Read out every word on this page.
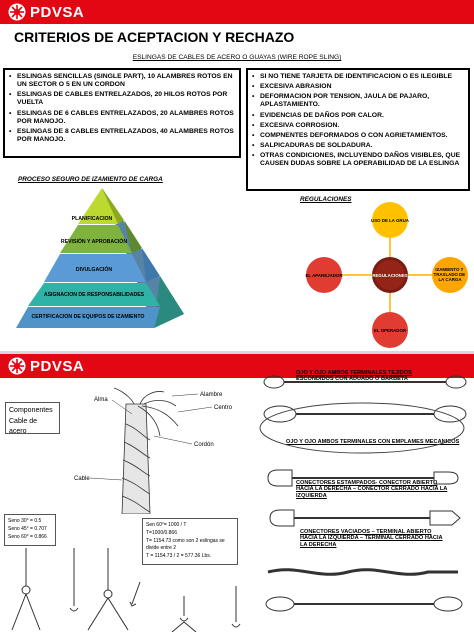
PDVSA
CRITERIOS DE ACEPTACION Y RECHAZO
ESLINGAS DE CABLES DE ACERO O GUAYAS (WIRE ROPE SLING)
• ESLINGAS SENCILLAS (SINGLE PART), 10 ALAMBRES ROTOS EN UN SECTOR O 5 EN UN CORDON
• ESLINGAS DE CABLES ENTRELAZADOS, 20 HILOS ROTOS POR VUELTA
• ESLINGAS DE 6 CABLES ENTRELAZADOS, 20 ALAMBRES ROTOS POR MANOJO.
• ESLINGAS DE 8 CABLES ENTRELAZADOS, 40 ALAMBRES ROTOS POR MANOJO.
• SI NO TIENE TARJETA DE IDENTIFICACION O ES ILEGIBLE
• EXCESIVA ABRASION
• DEFORMACION POR TENSION, JAULA DE PAJARO, APLASTAMIENTO.
• EVIDENCIAS DE DAÑOS POR CALOR.
• EXCESIVA CORROSION.
• COMPNENTES DEFORMADOS O CON AGRIETAMIENTOS.
• SALPICADURAS DE SOLDADURA.
• OTRAS CONDICIONES, INCLUYENDO DAÑOS VISIBLES, QUE CAUSEN DUDAS SOBRE LA OPERABILIDAD DE LA ESLINGA
PROCESO SEGURO DE IZAMIENTO DE CARGA
PLANIFICACION
REVISIÓN Y APROBACIÓN
DIVULGACIÓN
ASIGNACION DE RESPONSABILIDADES
CERTIFICACION DE EQUIPOS DE IZAMIENTO
REGULACIONES
USO DE LA GRUA
EL APAREJADOR
IZAMIENTO Y TRASLADO DE LA CARGA
EL OPERADOR
REGULACIONES
PDVSA
Componentes
Cable de acero
Alma
Alambre
Centro
Cordón
Cable
OJO Y OJO AMBOS TERMINALES TEJIDOS ESCONDIDOS CON ADUADO O BARBETA
OJO Y OJO AMBOS TERMINALES CON EMPLAMES MECANICOS
CONECTORES ESTAMPADOS- CONECTOR ABIERTO HACIA LA DERECHA – CONECTOR CERRADO HACIA LA IZQUIERDA
CONECTORES VACIADOS – TERMINAL ABIERTO HACIA LA IZQUIERDA – TERMINAL CERRADO HACIA LA DERECHA
Seno 30° = 0.5
Seno 45° = 0.707
Seno 60° = 0.866
Sen 60°= 1000 / T
T=1000/0.866
T= 1154.73 como son 2 eslingas se divide entre 2
T = 1154.73 / 2 = 577.36 Lbs.
